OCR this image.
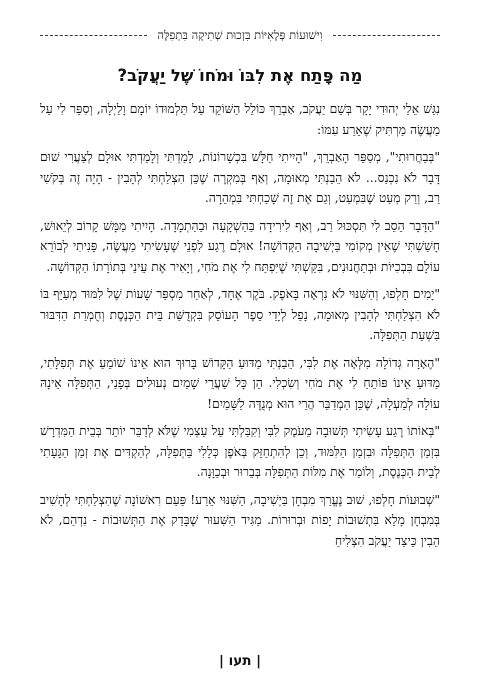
וִישׁוּעוֹת פְּלָאִיּוֹת בִּזְכוּת שְׁתִיקָה בִּתְפִלָּה
מַה פָּתַח אֶת לִבּוֹ וּמֹחוֹ שֶׁל יַעֲקֹב?

נִגַּשׁ אֵלַי יְהוּדִי יָקָר בְּשֵׁם יַעֲקֹב, אַבְרֵךְ כּוֹלֵל הַשּׁוֹקֵד עַל תַּלְמוּדוֹ יוֹמָם וָלַיְלָה, וְסִפֵּר לִי עַל מַעֲשֶׂה מַרְתִּיק שֶׁאֵרַע עִמּוֹ:

"בְּבַחֲרוּתִי", מְסַפֵּר הָאַבְרֵךְ, "הָיִיתִי חַלָּשׁ בִּכְשָׁרוֹנוֹת, לָמַדְתִּי וְלָמַדְתִּי אוּלָם לְצַעֲרִי שׁוּם דָּבָר לֹא נִכְנַס... לֹא הֵבַנְתִּי מְאוּמָה, וְאַף בְּמִקְרֶה שֶׁכֵּן הִצְלַחְתִּי לְהָבִין - הָיָה זֶה בְּקֹשִׁי רַב, וְרַק מְעַט שֶׁבִּמְעַט, וְגַם אֶת זֶה שָׁכַחְתִּי בִּמְהֵרָה.

"הַדָּבָר הֵסֵב לִי תִּסְכּוּל רַב, וְאַף לִירִידָה בַּהַשְׁקָעָה וּבַהַתְמָדָה. הָיִיתִי מַמָּשׁ קָרוֹב לְיֵאוּשׁ, חָשַׁשְׁתִּי שֶׁאֵין מְקוֹמִי בַּיְשִׁיבָה הַקְּדוֹשָׁה! אוּלָם רֶגַע לִפְנֵי שֶׁעָשִׂיתִי מַעֲשֶׂה, פָּנִיתִי לְבוֹרֵא עוֹלָם בִּבְכִיּוֹת וּבְתַחֲנוּנִים, בִּקַּשְׁתִּי שֶׁיִּפְתַּח לִי אֶת מֹחִי, וְיָאִיר אֶת עֵינַי בְּתוֹרָתוֹ הַקְּדוֹשָׁה.

"יָמִים חָלְפוּ, וְהַשִּׁנּוּי לֹא נִרְאָה בָּאֹפֶק. בֹּקֶר אֶחָד, לְאַחַר מִסְפַּר שָׁעוֹת שֶׁל לִמּוּד מְעַיֵּף בּוֹ לֹא הִצְלַחְתִּי לְהָבִין מְאוּמָה, נָפַל לְיָדַי סֵפֶר הָעוֹסֵק בִּקְדֻשַּׁת בֵּית הַכְּנֶסֶת וְחֻמְרַת הַדִּבּוּר בִּשְׁעַת הַתְּפִלָּה.

"הֶאָרָה גְּדוֹלָה מִלְּאָה אֶת לִבִּי, הֵבַנְתִּי מַדּוּעַ הַקָּדוֹשׁ בָּרוּךְ הוּא אֵינוֹ שׁוֹמֵעַ אֶת תְּפִלָּתִי, מַדּוּעַ אֵינוֹ פּוֹתֵחַ לִי אֶת מֹחִי וְשִׂכְלִי. הֵן כָּל שַׁעֲרֵי שָׁמַיִם נְעוּלִים בְּפָנַי, הַתְּפִלָּה אֵינָהּ עוֹלָה לְמַעְלָה, שֶׁכֵּן הַמְדַבֵּר הֲרֵי הוּא מְנֻדֶּה לַשָּׁמַיִם!

"בְּאוֹתוֹ רֶגַע עָשִׂיתִי תְּשׁוּבָה מֵעֹמֶק לִבִּי וְקִבַּלְתִּי עַל עַצְמִי שֶׁלֹּא לְדַבֵּר יוֹתֵר בְּבֵית הַמִּדְרָשׁ בִּזְמַן הַתְּפִלָּה וּבִזְמַן הַלִּמּוּד, וְכֵן לְהִתְחַזֵּק בְּאֹפֶן כְּלָלִי בַּתְּפִלָּה, לְהַקְדִּים אֶת זְמַן הַגָּעָתִי לְבֵית הַכְּנֶסֶת, וְלוֹמַר אֶת מִלּוֹת הַתְּפִלָּה בְּבֵרוּר וּבְכַוָּנָה.

"שְׁבוּעוֹת חָלְפוּ, שׁוּב נֶעֱרַךְ מִבְחָן בַּיְשִׁיבָה, הַשִּׁנּוּי אֵרַע! פַּעַם רִאשׁוֹנָה שֶׁהִצְלַחְתִּי לְהָשִׁיב בְּמִבְחָן מָלֵא בִּתְשׁוּבוֹת יָפוֹת וּבְרוּרוֹת. מַגִּיד הַשִּׁעוּר שֶׁבָּדַק אֶת הַתְּשׁוּבוֹת - נִדְהַם, לֹא הֵבִין כֵּיצַד יַעֲקֹב הִצְלִיחַ

| תעו |
